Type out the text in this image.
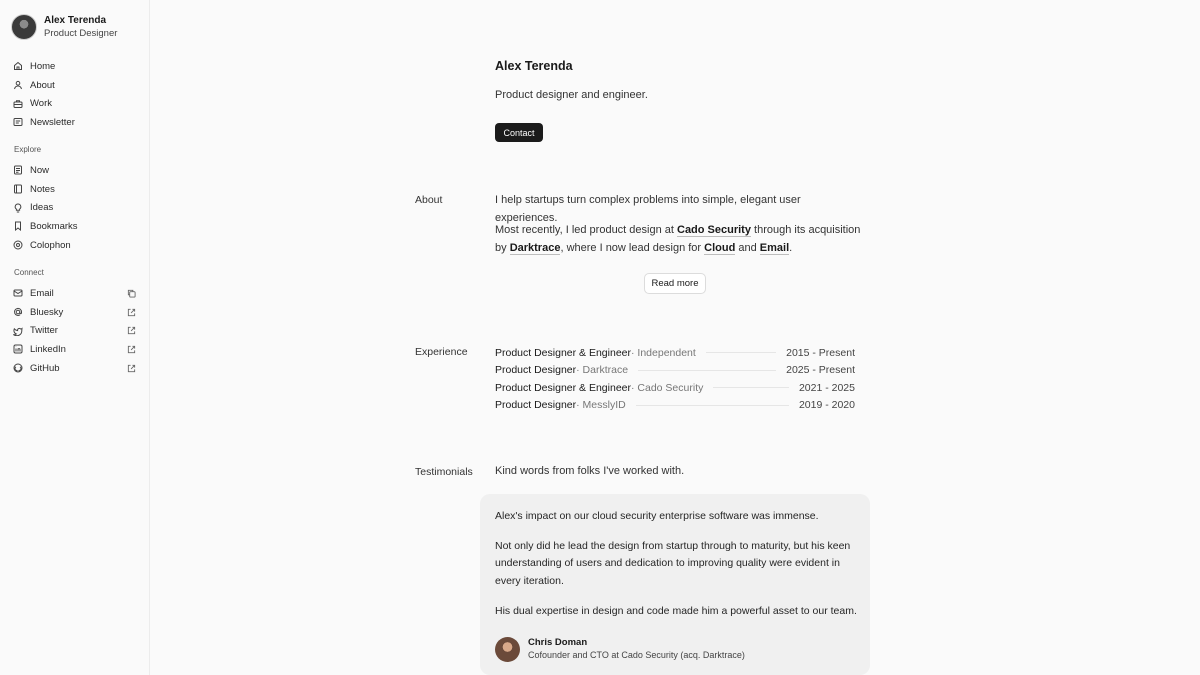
Alex Terenda
Product Designer
Home
About
Work
Newsletter
Explore
Now
Notes
Ideas
Bookmarks
Colophon
Connect
Email
Bluesky
Twitter
LinkedIn
GitHub
Alex Terenda

Product designer and engineer.

Contact
About	I help startups turn complex problems into simple, elegant user experiences.

Most recently, I led product design at Cado Security through its acquisition by Darktrace, where I now lead design for Cloud and Email.

Read more
Experience	Product Designer & Engineer · Independent	2015 - Present
Product Designer · Darktrace	2025 - Present
Product Designer & Engineer · Cado Security	2021 - 2025
Product Designer · MesslyID	2019 - 2020
Testimonials Kind words from folks I've worked with.

Alex's impact on our cloud security enterprise software was immense.

Not only did he lead the design from startup through to maturity, but his keen understanding of users and dedication to improving quality were evident in every iteration.

His dual expertise in design and code made him a powerful asset to our team.

Chris Doman
Cofounder and CTO at Cado Security (acq. Darktrace)
